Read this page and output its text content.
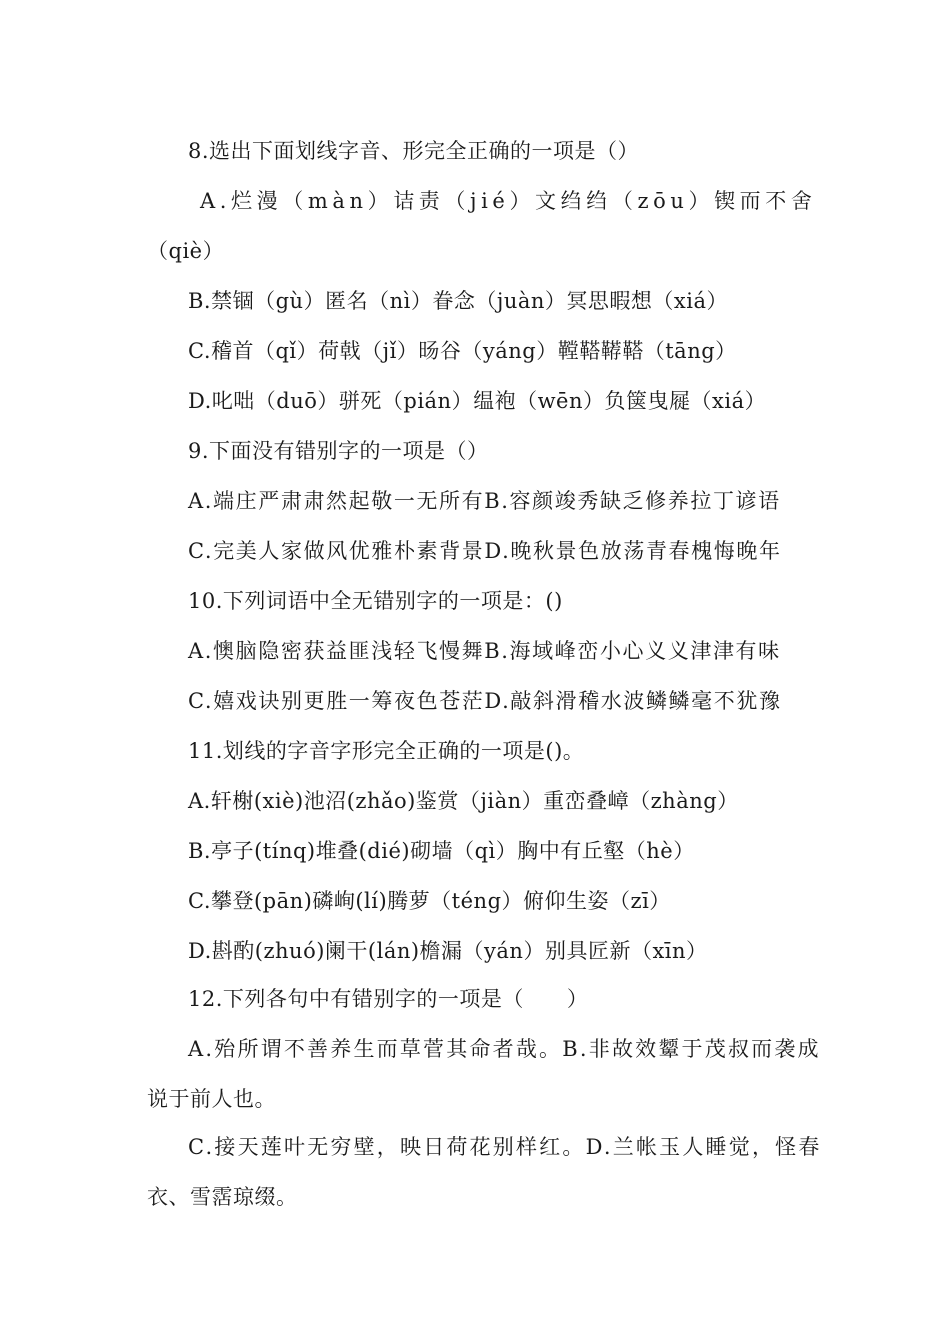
8.选出下面划线字音、形完全正确的一项是（）
A.烂漫（màn）诘责（jié）文绉绉（zōu）锲而不舍
（qiè）
B.禁锢（gù）匿名（nì）眷念（juàn）冥思暇想（xiá）
C.稽首（qǐ）荷戟（jǐ）旸谷（yáng）鞺鞳鞯鞳（tāng）
D.叱咄（duō）骈死（pián）缊袍（wēn）负箧曳屣（xiá）
9.下面没有错别字的一项是（）
A.端庄严肃肃然起敬一无所有B.容颜竣秀缺乏修养拉丁谚语
C.完美人家做风优雅朴素背景D.晚秋景色放荡青春槐悔晚年
10.下列词语中全无错别字的一项是：()
A.懊脑隐密获益匪浅轻飞慢舞B.海域峰峦小心义义津津有味
C.嬉戏诀别更胜一筹夜色苍茫D.敲斜滑稽水波鳞鳞毫不犹豫
11.划线的字音字形完全正确的一项是()。
A.轩榭(xiè)池沼(zhǎo)鉴赏（jiàn）重峦叠嶂（zhàng）
B.亭子(tínq)堆叠(dié)砌墙（qì）胸中有丘壑（hè）
C.攀登(pān)磷峋(lí)腾萝（téng）俯仰生姿（zī）
D.斟酌(zhuó)阑干(lán)檐漏（yán）别具匠新（xīn）
12.下列各句中有错别字的一项是（　　）
A.殆所谓不善养生而草菅其命者哉。B.非故效颦于茂叔而袭成
说于前人也。
C.接天莲叶无穷壁，映日荷花别样红。D.兰帐玉人睡觉，怪春
衣、雪霑琼缀。
